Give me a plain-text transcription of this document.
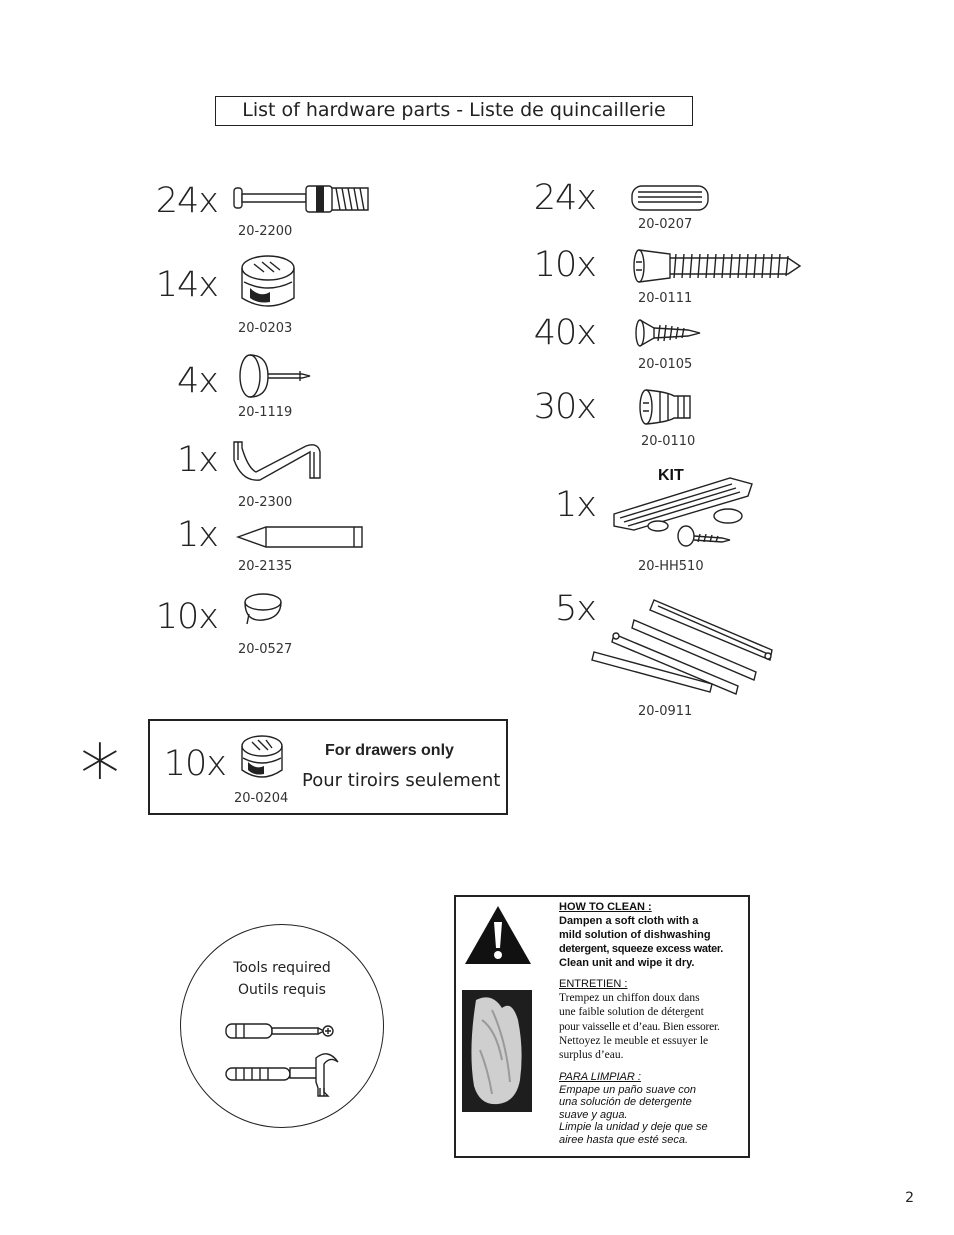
List of hardware parts - Liste de quincaillerie
24x
20-2200
14x
20-0203
4x
20-1119
1x
20-2300
1x
20-2135
10x
20-0527
24x
20-0207
10x
20-0111
40x
20-0105
30x
20-0110
KIT
1x
20-HH510
5x
20-0911
*	10x
20-0204
For drawers only
Pour tiroirs seulement
Tools required
Outils requis
HOW TO CLEAN :
Dampen a soft cloth with a
mild solution of dishwashing
detergent, squeeze excess water.
Clean unit and wipe it dry.
ENTRETIEN :
Trempez un chiffon doux dans
une faible solution de détergent
pour vaisselle et d’eau. Bien essorer.
Nettoyez le meuble et essuyer le
surplus d’eau.
PARA LIMPIAR :
Empape un paño suave con
una solución de detergente
suave y agua.
Limpie la unidad y deje que se
airee hasta que esté seca.
2
